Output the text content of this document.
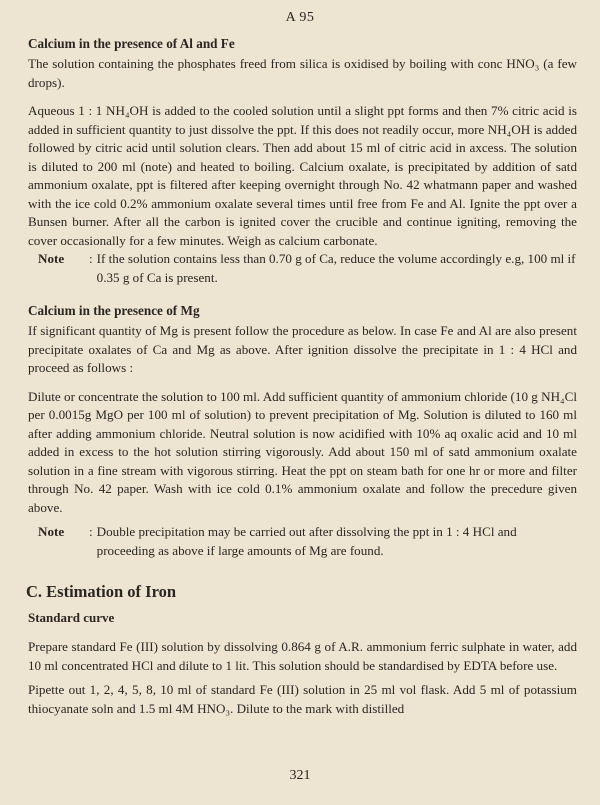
A 95
Calcium in the presence of Al and Fe

The solution containing the phosphates freed from silica is oxidised by boiling with conc HNO₃ (a few drops).

Aqueous 1 : 1 NH₄OH is added to the cooled solution until a slight ppt forms and then 7% citric acid is added in sufficient quantity to just dissolve the ppt. If this does not readily occur, more NH₄OH is added followed by citric acid until solution clears. Then add about 15 ml of citric acid in axcess. The solution is diluted to 200 ml (note) and heated to boiling. Calcium oxalate, is precipitated by addition of satd ammonium oxalate, ppt is filtered after keeping overnight through No. 42 whatmann paper and washed with the ice cold 0.2% ammonium oxalate several times until free from Fe and Al. Ignite the ppt over a Bunsen burner. After all the carbon is ignited cover the crucible and continue igniting, removing the cover occasionally for a few minutes. Weigh as calcium carbonate.

Note	: If the solution contains less than 0.70 g of Ca, reduce the volume accordingly e.g, 100 ml if 0.35 g of Ca is present.
Calcium in the presence of Mg

If significant quantity of Mg is present follow the procedure as below. In case Fe and Al are also present precipitate oxalates of Ca and Mg as above. After ignition dissolve the precipitate in 1 : 4 HCl and proceed as follows :

Dilute or concentrate the solution to 100 ml. Add sufficient quantity of ammonium chloride (10 g NH₄Cl per 0.0015g MgO per 100 ml of solution) to prevent precipitation of Mg. Solution is diluted to 160 ml after adding ammonium chloride. Neutral solution is now acidified with 10% aq oxalic acid and 10 ml added in excess to the hot solution stirring vigorously. Add about 150 ml of satd ammonium oxalate solution in a fine stream with vigorous stirring. Heat the ppt on steam bath for one hr or more and filter through No. 42 paper. Wash with ice cold 0.1% ammonium oxalate and follow the precedure given above.

Note	: Double precipitation may be carried out after dissolving the ppt in 1 : 4 HCl and proceeding as above if large amounts of Mg are found.
C. Estimation of Iron
Standard curve

Prepare standard Fe (III) solution by dissolving 0.864 g of A.R. ammonium ferric sulphate in water, add 10 ml concentrated HCl and dilute to 1 lit. This solution should be standardised by EDTA before use.

Pipette out 1, 2, 4, 5, 8, 10 ml of standard Fe (III) solution in 25 ml vol flask. Add 5 ml of potassium thiocyanate soln and 1.5 ml 4M HNO₃. Dilute to the mark with distilled

321
